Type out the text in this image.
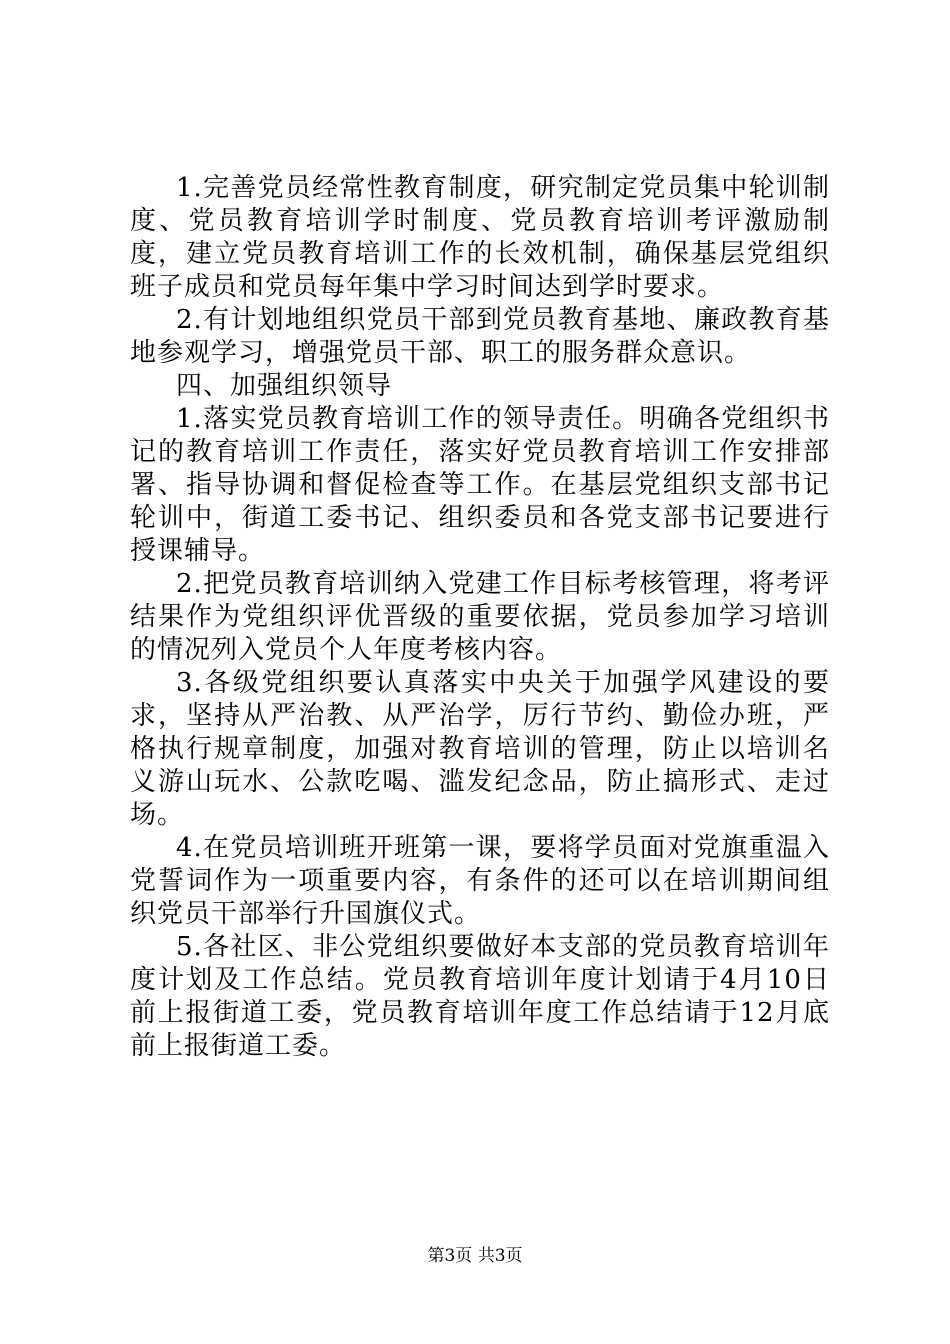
1.完善党员经常性教育制度，研究制定党员集中轮训制度、党员教育培训学时制度、党员教育培训考评激励制度，建立党员教育培训工作的长效机制，确保基层党组织班子成员和党员每年集中学习时间达到学时要求。

2.有计划地组织党员干部到党员教育基地、廉政教育基地参观学习，增强党员干部、职工的服务群众意识。

四、加强组织领导

1.落实党员教育培训工作的领导责任。明确各党组织书记的教育培训工作责任，落实好党员教育培训工作安排部署、指导协调和督促检查等工作。在基层党组织支部书记轮训中，街道工委书记、组织委员和各党支部书记要进行授课辅导。

2.把党员教育培训纳入党建工作目标考核管理，将考评结果作为党组织评优晋级的重要依据，党员参加学习培训的情况列入党员个人年度考核内容。

3.各级党组织要认真落实中央关于加强学风建设的要求，坚持从严治教、从严治学，厉行节约、勤俭办班，严格执行规章制度，加强对教育培训的管理，防止以培训名义游山玩水、公款吃喝、滥发纪念品，防止搞形式、走过场。

4.在党员培训班开班第一课，要将学员面对党旗重温入党誓词作为一项重要内容，有条件的还可以在培训期间组织党员干部举行升国旗仪式。

5.各社区、非公党组织要做好本支部的党员教育培训年度计划及工作总结。党员教育培训年度计划请于4月10日前上报街道工委，党员教育培训年度工作总结请于12月底前上报街道工委。

第3页 共3页
